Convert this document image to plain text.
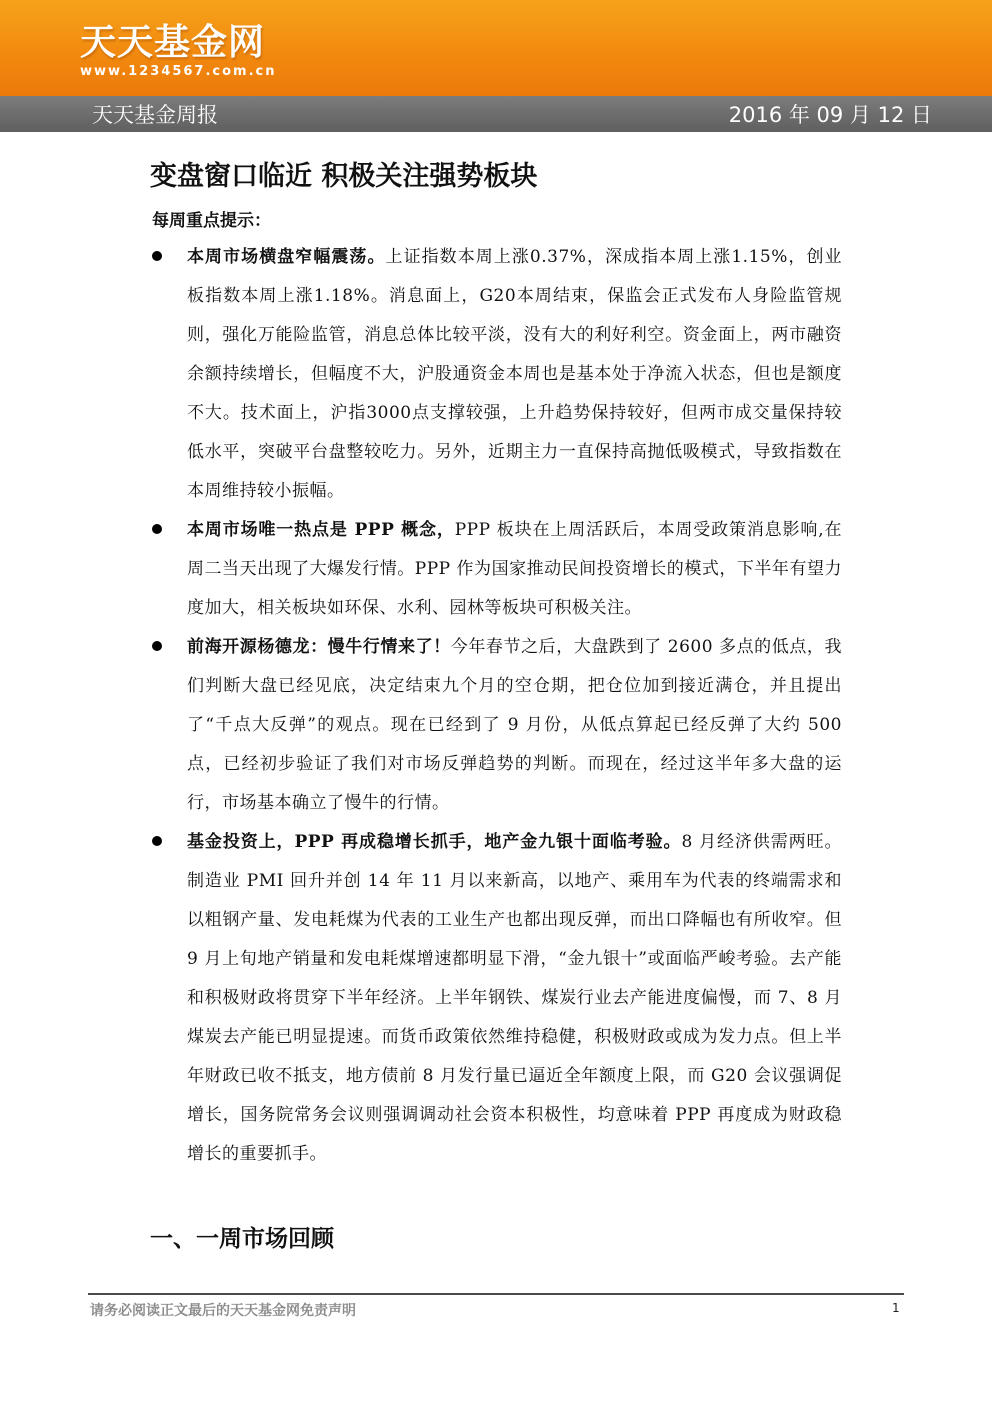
天天基金网
www.1234567.com.cn
天天基金周报	2016 年 09 月 12 日
变盘窗口临近 积极关注强势板块
每周重点提示：

本周市场横盘窄幅震荡。上证指数本周上涨0.37%，深成指本周上涨1.15%，创业板指数本周上涨1.18%。消息面上，G20本周结束，保监会正式发布人身险监管规则，强化万能险监管，消息总体比较平淡，没有大的利好利空。资金面上，两市融资余额持续增长，但幅度不大，沪股通资金本周也是基本处于净流入状态，但也是额度不大。技术面上，沪指3000点支撑较强，上升趋势保持较好，但两市成交量保持较低水平，突破平台盘整较吃力。另外，近期主力一直保持高抛低吸模式，导致指数在本周维持较小振幅。

本周市场唯一热点是 PPP 概念，PPP 板块在上周活跃后，本周受政策消息影响,在周二当天出现了大爆发行情。PPP 作为国家推动民间投资增长的模式，下半年有望力度加大，相关板块如环保、水利、园林等板块可积极关注。

前海开源杨德龙：慢牛行情来了！今年春节之后，大盘跌到了 2600 多点的低点，我们判断大盘已经见底，决定结束九个月的空仓期，把仓位加到接近满仓，并且提出了“千点大反弹”的观点。现在已经到了 9 月份，从低点算起已经反弹了大约 500 点，已经初步验证了我们对市场反弹趋势的判断。而现在，经过这半年多大盘的运行，市场基本确立了慢牛的行情。

基金投资上，PPP 再成稳增长抓手，地产金九银十面临考验。8 月经济供需两旺。制造业 PMI 回升并创 14 年 11 月以来新高，以地产、乘用车为代表的终端需求和以粗钢产量、发电耗煤为代表的工业生产也都出现反弹，而出口降幅也有所收窄。但 9 月上旬地产销量和发电耗煤增速都明显下滑，“金九银十”或面临严峻考验。去产能和积极财政将贯穿下半年经济。上半年钢铁、煤炭行业去产能进度偏慢，而 7、8 月煤炭去产能已明显提速。而货币政策依然维持稳健，积极财政或成为发力点。但上半年财政已收不抵支，地方债前 8 月发行量已逼近全年额度上限，而 G20 会议强调促增长，国务院常务会议则强调调动社会资本积极性，均意味着 PPP 再度成为财政稳增长的重要抓手。

一、一周市场回顾
请务必阅读正文最后的天天基金网免责声明	1
